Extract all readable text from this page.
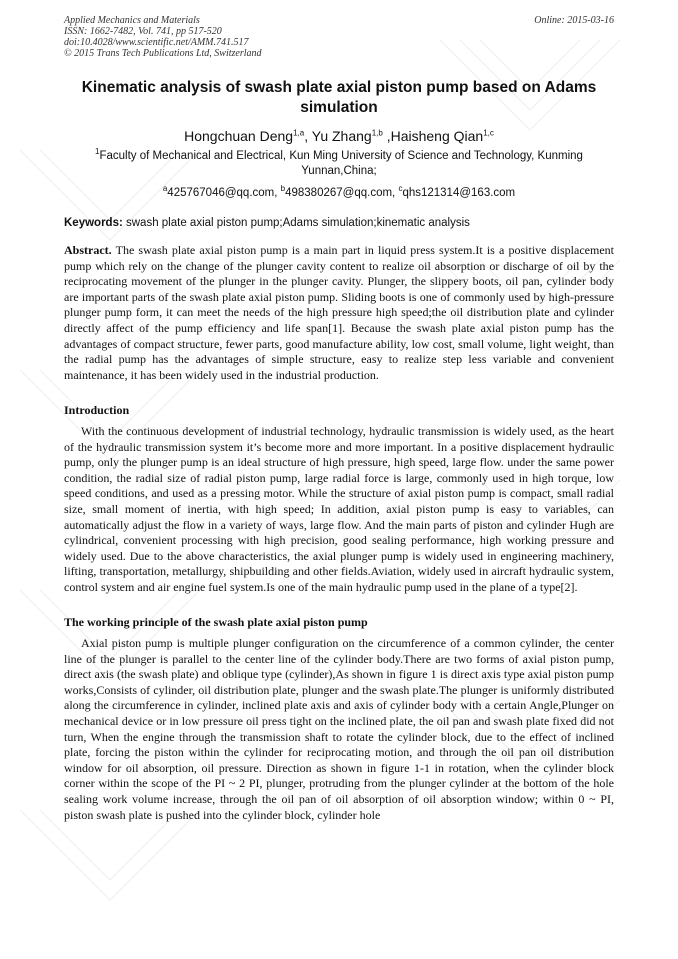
Applied Mechanics and Materials
ISSN: 1662-7482, Vol. 741, pp 517-520
doi:10.4028/www.scientific.net/AMM.741.517
© 2015 Trans Tech Publications Ltd, Switzerland
Online: 2015-03-16
Kinematic analysis of swash plate axial piston pump based on Adams simulation
Hongchuan Deng$^{1,a}$, Yu Zhang$^{1,b}$ ,Haisheng Qian$^{1,c}$
$^1$Faculty of Mechanical and Electrical, Kun Ming University of Science and Technology, Kunming Yunnan,China;
$^a$425767046@qq.com, $^b$498380267@qq.com, $^c$qhs121314@163.com
Keywords: swash plate axial piston pump;Adams simulation;kinematic analysis

Abstract. The swash plate axial piston pump is a main part in liquid press system.It is a positive displacement pump which rely on the change of the plunger cavity content to realize oil absorption or discharge of oil by the reciprocating movement of the plunger in the plunger cavity. Plunger, the slippery boots, oil pan, cylinder body are important parts of the swash plate axial piston pump. Sliding boots is one of commonly used by high-pressure plunger pump form, it can meet the needs of the high pressure high speed;the oil distribution plate and cylinder directly affect of the pump efficiency and life span[1]. Because the swash plate axial piston pump has the advantages of compact structure, fewer parts, good manufacture ability, low cost, small volume, light weight, than the radial pump has the advantages of simple structure, easy to realize step less variable and convenient maintenance, it has been widely used in the industrial production.

Introduction

With the continuous development of industrial technology, hydraulic transmission is widely used, as the heart of the hydraulic transmission system it’s become more and more important. In a positive displacement hydraulic pump, only the plunger pump is an ideal structure of high pressure, high speed, large flow. under the same power condition, the radial size of radial piston pump, large radial force is large, commonly used in high torque, low speed conditions, and used as a pressing motor. While the structure of axial piston pump is compact, small radial size, small moment of inertia, with high speed; In addition, axial piston pump is easy to variables, can automatically adjust the flow in a variety of ways, large flow. And the main parts of piston and cylinder Hugh are cylindrical, convenient processing with high precision, good sealing performance, high working pressure and widely used. Due to the above characteristics, the axial plunger pump is widely used in engineering machinery, lifting, transportation, metallurgy, shipbuilding and other fields.Aviation, widely used in aircraft hydraulic system, control system and air engine fuel system.Is one of the main hydraulic pump used in the plane of a type[2].

The working principle of the swash plate axial piston pump

Axial piston pump is multiple plunger configuration on the circumference of a common cylinder, the center line of the plunger is parallel to the center line of the cylinder body.There are two forms of axial piston pump, direct axis (the swash plate) and oblique type (cylinder),As shown in figure 1 is direct axis type axial piston pump works,Consists of cylinder, oil distribution plate, plunger and the swash plate.The plunger is uniformly distributed along the circumference in cylinder, inclined plate axis and axis of cylinder body with a certain Angle,Plunger on mechanical device or in low pressure oil press tight on the inclined plate, the oil pan and swash plate fixed did not turn, When the engine through the transmission shaft to rotate the cylinder block, due to the effect of inclined plate, forcing the piston within the cylinder for reciprocating motion, and through the oil pan oil distribution window for oil absorption, oil pressure. Direction as shown in figure 1-1 in rotation, when the cylinder block corner within the scope of the PI ~ 2 PI, plunger, protruding from the plunger cylinder at the bottom of the hole sealing work volume increase, through the oil pan of oil absorption of oil absorption window; within 0 ~ PI, piston swash plate is pushed into the cylinder block, cylinder hole
